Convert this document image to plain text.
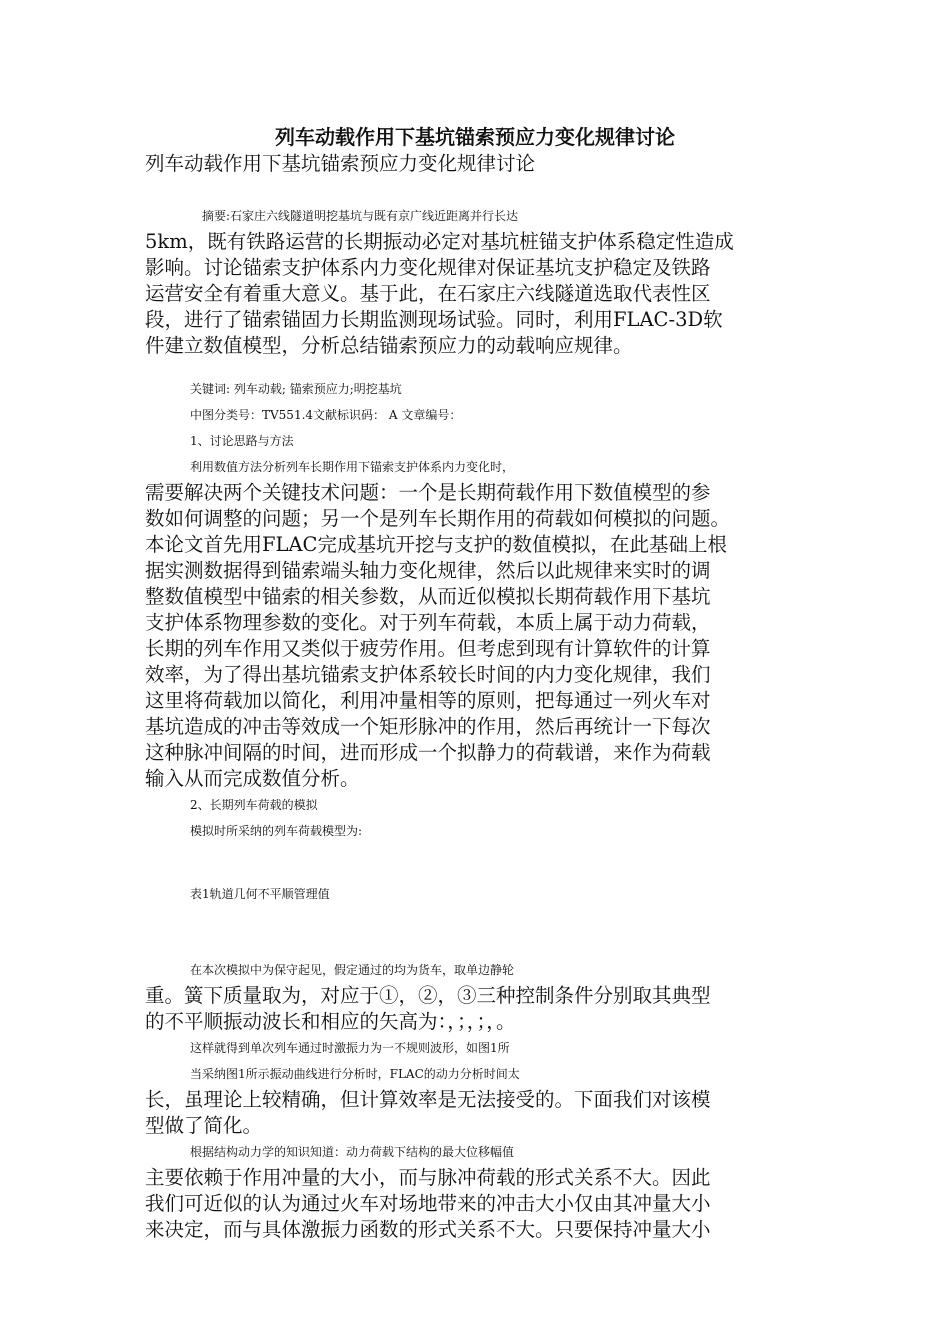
列车动载作用下基坑锚索预应力变化规律讨论
列车动载作用下基坑锚索预应力变化规律讨论
摘要:石家庄六线隧道明挖基坑与既有京广线近距离并行长达
5km，既有铁路运营的长期振动必定对基坑桩锚支护体系稳定性造成
影响。讨论锚索支护体系内力变化规律对保证基坑支护稳定及铁路
运营安全有着重大意义。基于此，在石家庄六线隧道选取代表性区
段，进行了锚索锚固力长期监测现场试验。同时，利用FLAC-3D软
件建立数值模型，分析总结锚索预应力的动载响应规律。
关键词: 列车动载; 锚索预应力;明挖基坑
中图分类号：TV551.4文献标识码： A 文章编号：
1、讨论思路与方法
利用数值方法分析列车长期作用下锚索支护体系内力变化时，
需要解决两个关键技术问题：一个是长期荷载作用下数值模型的参
数如何调整的问题；另一个是列车长期作用的荷载如何模拟的问题。
本论文首先用FLAC完成基坑开挖与支护的数值模拟，在此基础上根
据实测数据得到锚索端头轴力变化规律，然后以此规律来实时的调
整数值模型中锚索的相关参数，从而近似模拟长期荷载作用下基坑
支护体系物理参数的变化。对于列车荷载，本质上属于动力荷载，
长期的列车作用又类似于疲劳作用。但考虑到现有计算软件的计算
效率，为了得出基坑锚索支护体系较长时间的内力变化规律，我们
这里将荷载加以简化，利用冲量相等的原则，把每通过一列火车对
基坑造成的冲击等效成一个矩形脉冲的作用，然后再统计一下每次
这种脉冲间隔的时间，进而形成一个拟静力的荷载谱，来作为荷载
输入从而完成数值分析。
2、长期列车荷载的模拟
模拟时所采纳的列车荷载模型为:
表1轨道几何不平顺管理值
在本次模拟中为保守起见，假定通过的均为货车，取单边静轮
重。簧下质量取为，对应于①，②，③三种控制条件分别取其典型
的不平顺振动波长和相应的矢高为：，；，；，。
这样就得到单次列车通过时激振力为一不规则波形，如图1所
当采纳图1所示振动曲线进行分析时，FLAC的动力分析时间太
长，虽理论上较精确，但计算效率是无法接受的。下面我们对该模
型做了简化。
根据结构动力学的知识知道：动力荷载下结构的最大位移幅值
主要依赖于作用冲量的大小，而与脉冲荷载的形式关系不大。因此
我们可近似的认为通过火车对场地带来的冲击大小仅由其冲量大小
来决定，而与具体激振力函数的形式关系不大。只要保持冲量大小
